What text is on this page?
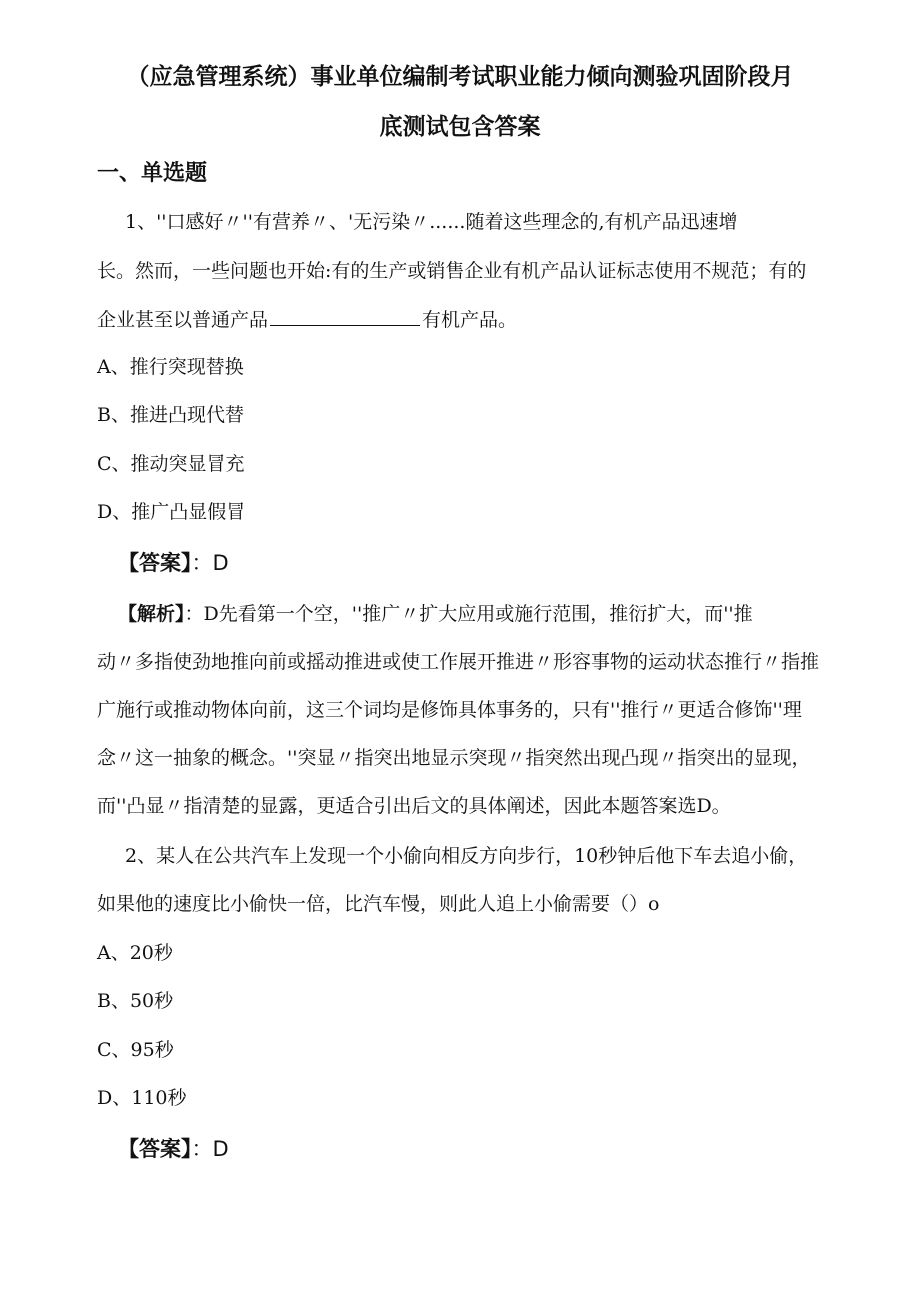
（应急管理系统）事业单位编制考试职业能力倾向测验巩固阶段月
底测试包含答案
一、单选题
1、''口感好〃''有营养〃、'无污染〃......随着这些理念的,有机产品迅速增
长。然而，一些问题也开始:有的生产或销售企业有机产品认证标志使用不规范；有的
企业甚至以普通产品	有机产品。
A、推行突现替换
B、推进凸现代替
C、推动突显冒充
D、推广凸显假冒
【答案】：D
【解析】：D先看第一个空，''推广〃扩大应用或施行范围，推衍扩大，而''推
动〃多指使劲地推向前或摇动推进或使工作展开推进〃形容事物的运动状态推行〃指推
广施行或推动物体向前，这三个词均是修饰具体事务的，只有''推行〃更适合修饰''理
念〃这一抽象的概念。''突显〃指突出地显示突现〃指突然出现凸现〃指突出的显现，
而''凸显〃指清楚的显露，更适合引出后文的具体阐述，因此本题答案选D。
2、某人在公共汽车上发现一个小偷向相反方向步行，10秒钟后他下车去追小偷，
如果他的速度比小偷快一倍，比汽车慢，则此人追上小偷需要（）o
A、20秒
B、50秒
C、95秒
D、110秒
【答案】：D
